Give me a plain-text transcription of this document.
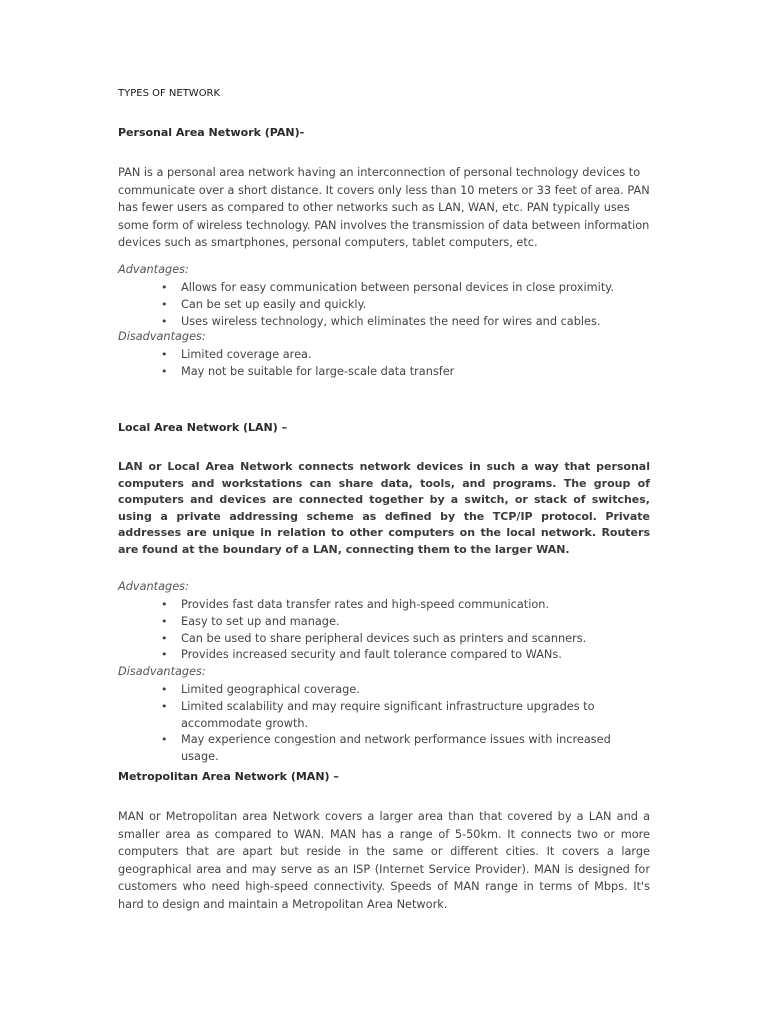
TYPES OF NETWORK

Personal Area Network (PAN)-

PAN is a personal area network having an interconnection of personal technology devices to communicate over a short distance. It covers only less than 10 meters or 33 feet of area. PAN has fewer users as compared to other networks such as LAN, WAN, etc. PAN typically uses some form of wireless technology. PAN involves the transmission of data between information devices such as smartphones, personal computers, tablet computers, etc.

Advantages:

• Allows for easy communication between personal devices in close proximity.
• Can be set up easily and quickly.
• Uses wireless technology, which eliminates the need for wires and cables.

Disadvantages:

• Limited coverage area.
• May not be suitable for large-scale data transfer

Local Area Network (LAN) –

LAN or Local Area Network connects network devices in such a way that personal computers and workstations can share data, tools, and programs. The group of computers and devices are connected together by a switch, or stack of switches, using a private addressing scheme as defined by the TCP/IP protocol. Private addresses are unique in relation to other computers on the local network. Routers are found at the boundary of a LAN, connecting them to the larger WAN.

Advantages:

• Provides fast data transfer rates and high-speed communication.
• Easy to set up and manage.
• Can be used to share peripheral devices such as printers and scanners.
• Provides increased security and fault tolerance compared to WANs.

Disadvantages:

• Limited geographical coverage.
• Limited scalability and may require significant infrastructure upgrades to accommodate growth.
• May experience congestion and network performance issues with increased usage.

Metropolitan Area Network (MAN) –

MAN or Metropolitan area Network covers a larger area than that covered by a LAN and a smaller area as compared to WAN. MAN has a range of 5-50km. It connects two or more computers that are apart but reside in the same or different cities. It covers a large geographical area and may serve as an ISP (Internet Service Provider). MAN is designed for customers who need high-speed connectivity. Speeds of MAN range in terms of Mbps. It's hard to design and maintain a Metropolitan Area Network.
